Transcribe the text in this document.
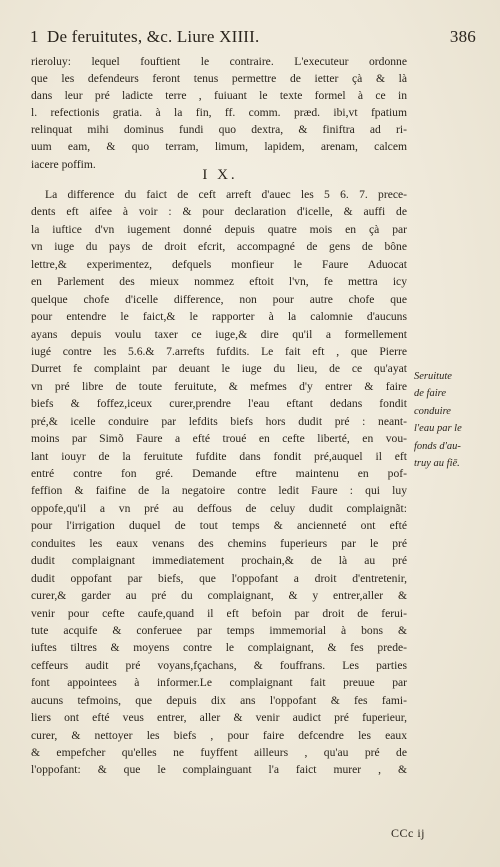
1 De feruitutes, &c. Liure XIIII.	386
rieroluy: lequel fouftient le contraire. L'executeur ordonne
que les defendeurs feront tenus permettre de ietter çà & là
dans leur pré ladicte terre , fuiuant le texte formel à ce in
l. refectionis gratia. à la fin, ff. comm. præd. ibi,vt fpatium
relinquat mihi dominus fundi quo dextra, & finiftra ad ri-
uum eam, & quo terram, limum, lapidem, arenam, calcem
iacere poffim.
I X.
La difference du faict de ceft arreft d'auec les 5 6. 7. prece-
dents eft aifee à voir : & pour declaration d'icelle, & auffi de
la iuftice d'vn iugement donné depuis quatre mois en çà par
vn iuge du pays de droit efcrit, accompagné de gens de bône
lettre,& experimentez, defquels monfieur le Faure Aduocat
en Parlement des mieux nommez eftoit l'vn, fe mettra icy
quelque chofe d'icelle difference, non pour autre chofe que
pour entendre le faict,& le rapporter à la calomnie d'aucuns
ayans depuis voulu taxer ce iuge,& dire qu'il a formellement
iugé contre les 5.6.& 7.arrefts fufdits. Le fait eft , que Pierre
Durret fe complaint par deuant le iuge du lieu, de ce qu'ayat
vn pré libre de toute feruitute, & mefmes d'y entrer & faire
biefs & foffez,iceux curer,prendre l'eau eftant dedans fondit
pré,& icelle conduire par lefdits biefs hors dudit pré : neant-
moins par Simõ Faure a efté troué en cefte liberté, en vou-
lant iouyr de la feruitute fufdite dans fondit pré,auquel il eft
entré contre fon gré. Demande eftre maintenu en pof-
feffion & faifine de la negatoire contre ledit Faure : qui luy
oppofe,qu'il a vn pré au deffous de celuy dudit complaignãt:
pour l'irrigation duquel de tout temps & ancienneté ont efté
conduites les eaux venans des chemins fuperieurs par le pré
dudit complaignant immediatement prochain,& de là au pré
dudit oppofant par biefs, que l'oppofant a droit d'entretenir,
curer,& garder au pré du complaignant, & y entrer,aller &
venir pour cefte caufe,quand il eft befoin par droit de ferui-
tute acquife & conferuee par temps immemorial à bons &
iuftes tiltres & moyens contre le complaignant, & fes prede-
ceffeurs audit pré voyans,fçachans, & fouffrans. Les parties
font appointees à informer.Le complaignant fait preuue par
aucuns tefmoins, que depuis dix ans l'oppofant & fes fami-
liers ont efté veus entrer, aller & venir audict pré fuperieur,
curer, & nettoyer les biefs , pour faire defcendre les eaux
& empefcher qu'elles ne fuyffent ailleurs , qu'au pré de
l'oppofant: & que le complainguant l'a faict murer , &
Seruitute
de faire
conduire
l'eau par le
fonds d'au-
truy au fiē.
CCc ij
